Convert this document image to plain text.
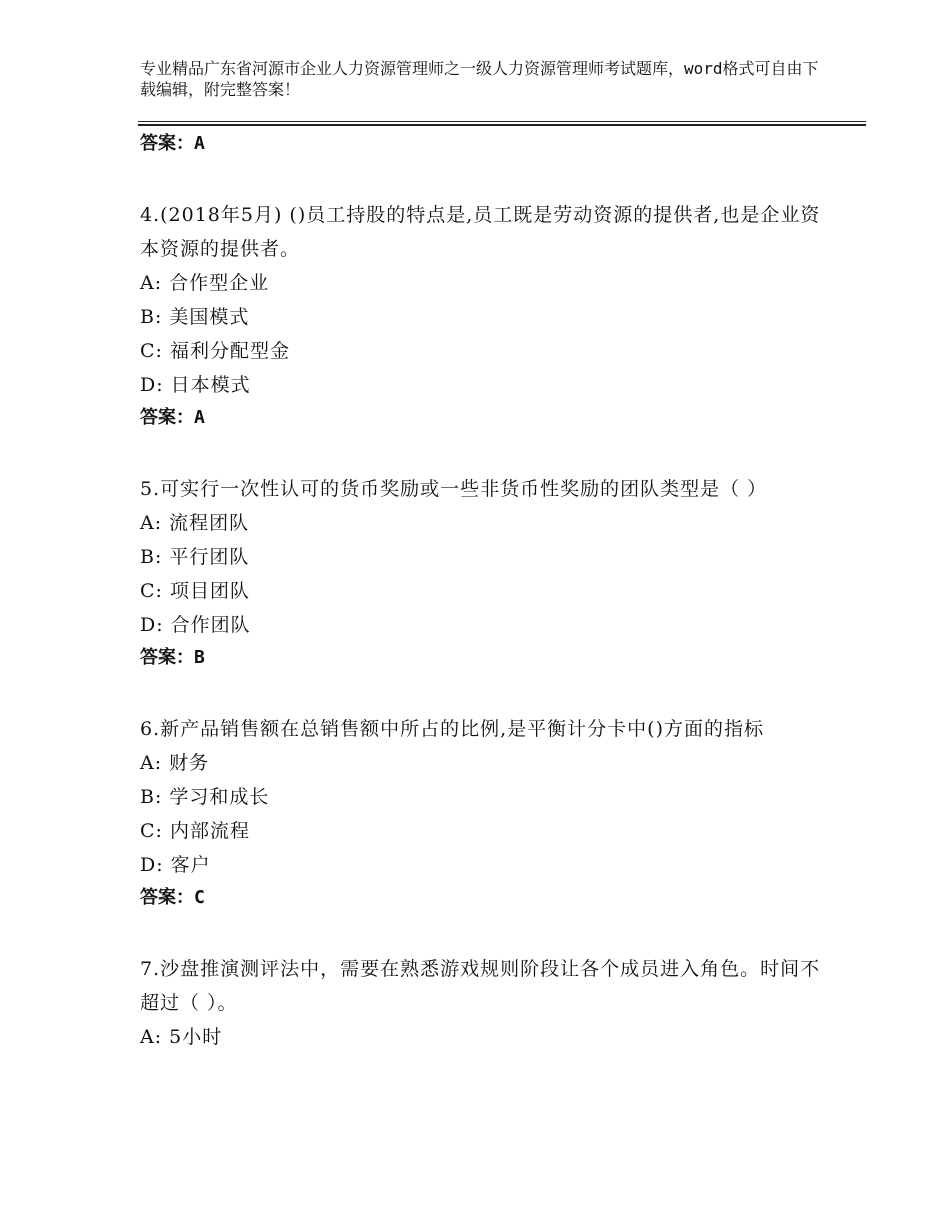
专业精品广东省河源市企业人力资源管理师之一级人力资源管理师考试题库，word格式可自由下载编辑，附完整答案！
答案：A

4.(2018年5月) ()员工持股的特点是,员工既是劳动资源的提供者,也是企业资本资源的提供者。

A: 合作型企业

B: 美国模式

C: 福利分配型金

D: 日本模式

答案：A

5.可实行一次性认可的货币奖励或一些非货币性奖励的团队类型是（ ）

A: 流程团队

B: 平行团队

C: 项目团队

D: 合作团队

答案：B

6.新产品销售额在总销售额中所占的比例,是平衡计分卡中()方面的指标

A: 财务

B: 学习和成长

C: 内部流程

D: 客户

答案：C

7.沙盘推演测评法中，需要在熟悉游戏规则阶段让各个成员进入角色。时间不超过（ ）。

A: 5小时
